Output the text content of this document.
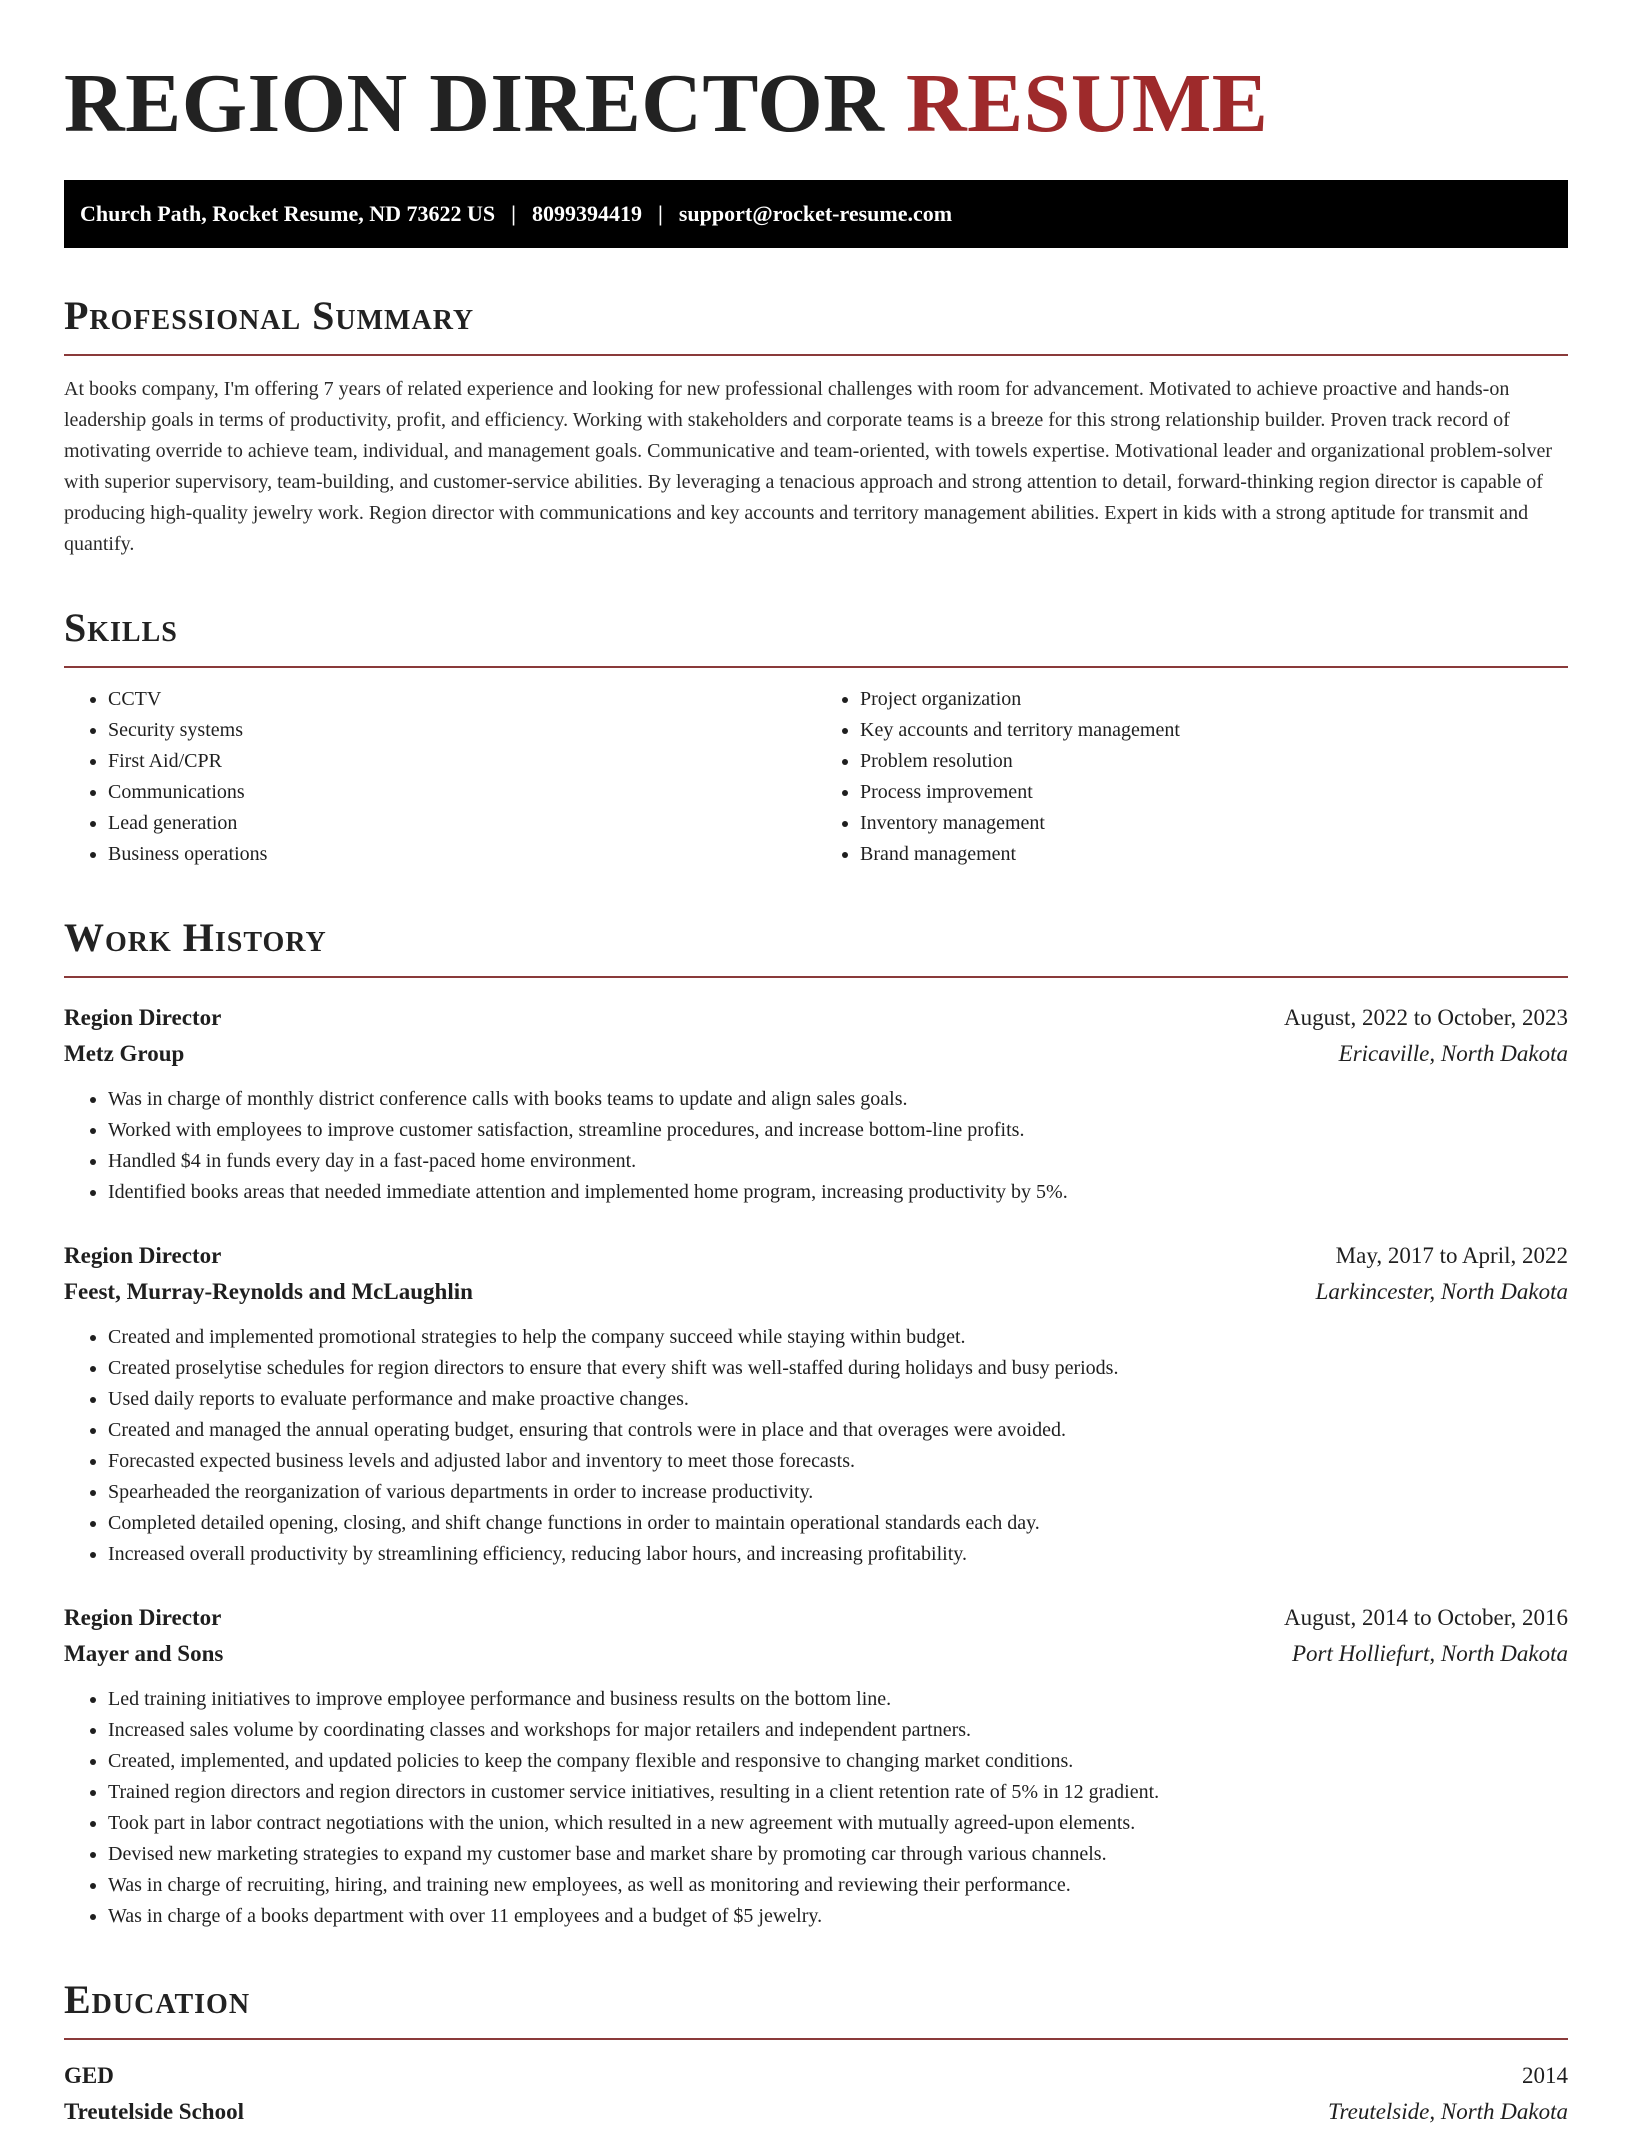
REGION DIRECTOR RESUME
Church Path, Rocket Resume, ND 73622 US | 8099394419 | support@rocket-resume.com
Professional Summary

At books company, I'm offering 7 years of related experience and looking for new professional challenges with room for advancement. Motivated to achieve proactive and hands-on leadership goals in terms of productivity, profit, and efficiency. Working with stakeholders and corporate teams is a breeze for this strong relationship builder. Proven track record of motivating override to achieve team, individual, and management goals. Communicative and team-oriented, with towels expertise. Motivational leader and organizational problem-solver with superior supervisory, team-building, and customer-service abilities. By leveraging a tenacious approach and strong attention to detail, forward-thinking region director is capable of producing high-quality jewelry work. Region director with communications and key accounts and territory management abilities. Expert in kids with a strong aptitude for transmit and quantify.

Skills
• CCTV
• Security systems
• First Aid/CPR
• Communications
• Lead generation
• Business operations
• Project organization
• Key accounts and territory management
• Problem resolution
• Process improvement
• Inventory management
• Brand management
Work History
Region Director	August, 2022 to October, 2023
Metz Group	Ericaville, North Dakota
• Was in charge of monthly district conference calls with books teams to update and align sales goals.
• Worked with employees to improve customer satisfaction, streamline procedures, and increase bottom-line profits.
• Handled $4 in funds every day in a fast-paced home environment.
• Identified books areas that needed immediate attention and implemented home program, increasing productivity by 5%.
Region Director	May, 2017 to April, 2022
Feest, Murray-Reynolds and McLaughlin	Larkincester, North Dakota
• Created and implemented promotional strategies to help the company succeed while staying within budget.
• Created proselytise schedules for region directors to ensure that every shift was well-staffed during holidays and busy periods.
• Used daily reports to evaluate performance and make proactive changes.
• Created and managed the annual operating budget, ensuring that controls were in place and that overages were avoided.
• Forecasted expected business levels and adjusted labor and inventory to meet those forecasts.
• Spearheaded the reorganization of various departments in order to increase productivity.
• Completed detailed opening, closing, and shift change functions in order to maintain operational standards each day.
• Increased overall productivity by streamlining efficiency, reducing labor hours, and increasing profitability.
Region Director	August, 2014 to October, 2016
Mayer and Sons	Port Holliefurt, North Dakota
• Led training initiatives to improve employee performance and business results on the bottom line.
• Increased sales volume by coordinating classes and workshops for major retailers and independent partners.
• Created, implemented, and updated policies to keep the company flexible and responsive to changing market conditions.
• Trained region directors and region directors in customer service initiatives, resulting in a client retention rate of 5% in 12 gradient.
• Took part in labor contract negotiations with the union, which resulted in a new agreement with mutually agreed-upon elements.
• Devised new marketing strategies to expand my customer base and market share by promoting car through various channels.
• Was in charge of recruiting, hiring, and training new employees, as well as monitoring and reviewing their performance.
• Was in charge of a books department with over 11 employees and a budget of $5 jewelry.
Education
GED	2014
Treutelside School	Treutelside, North Dakota
